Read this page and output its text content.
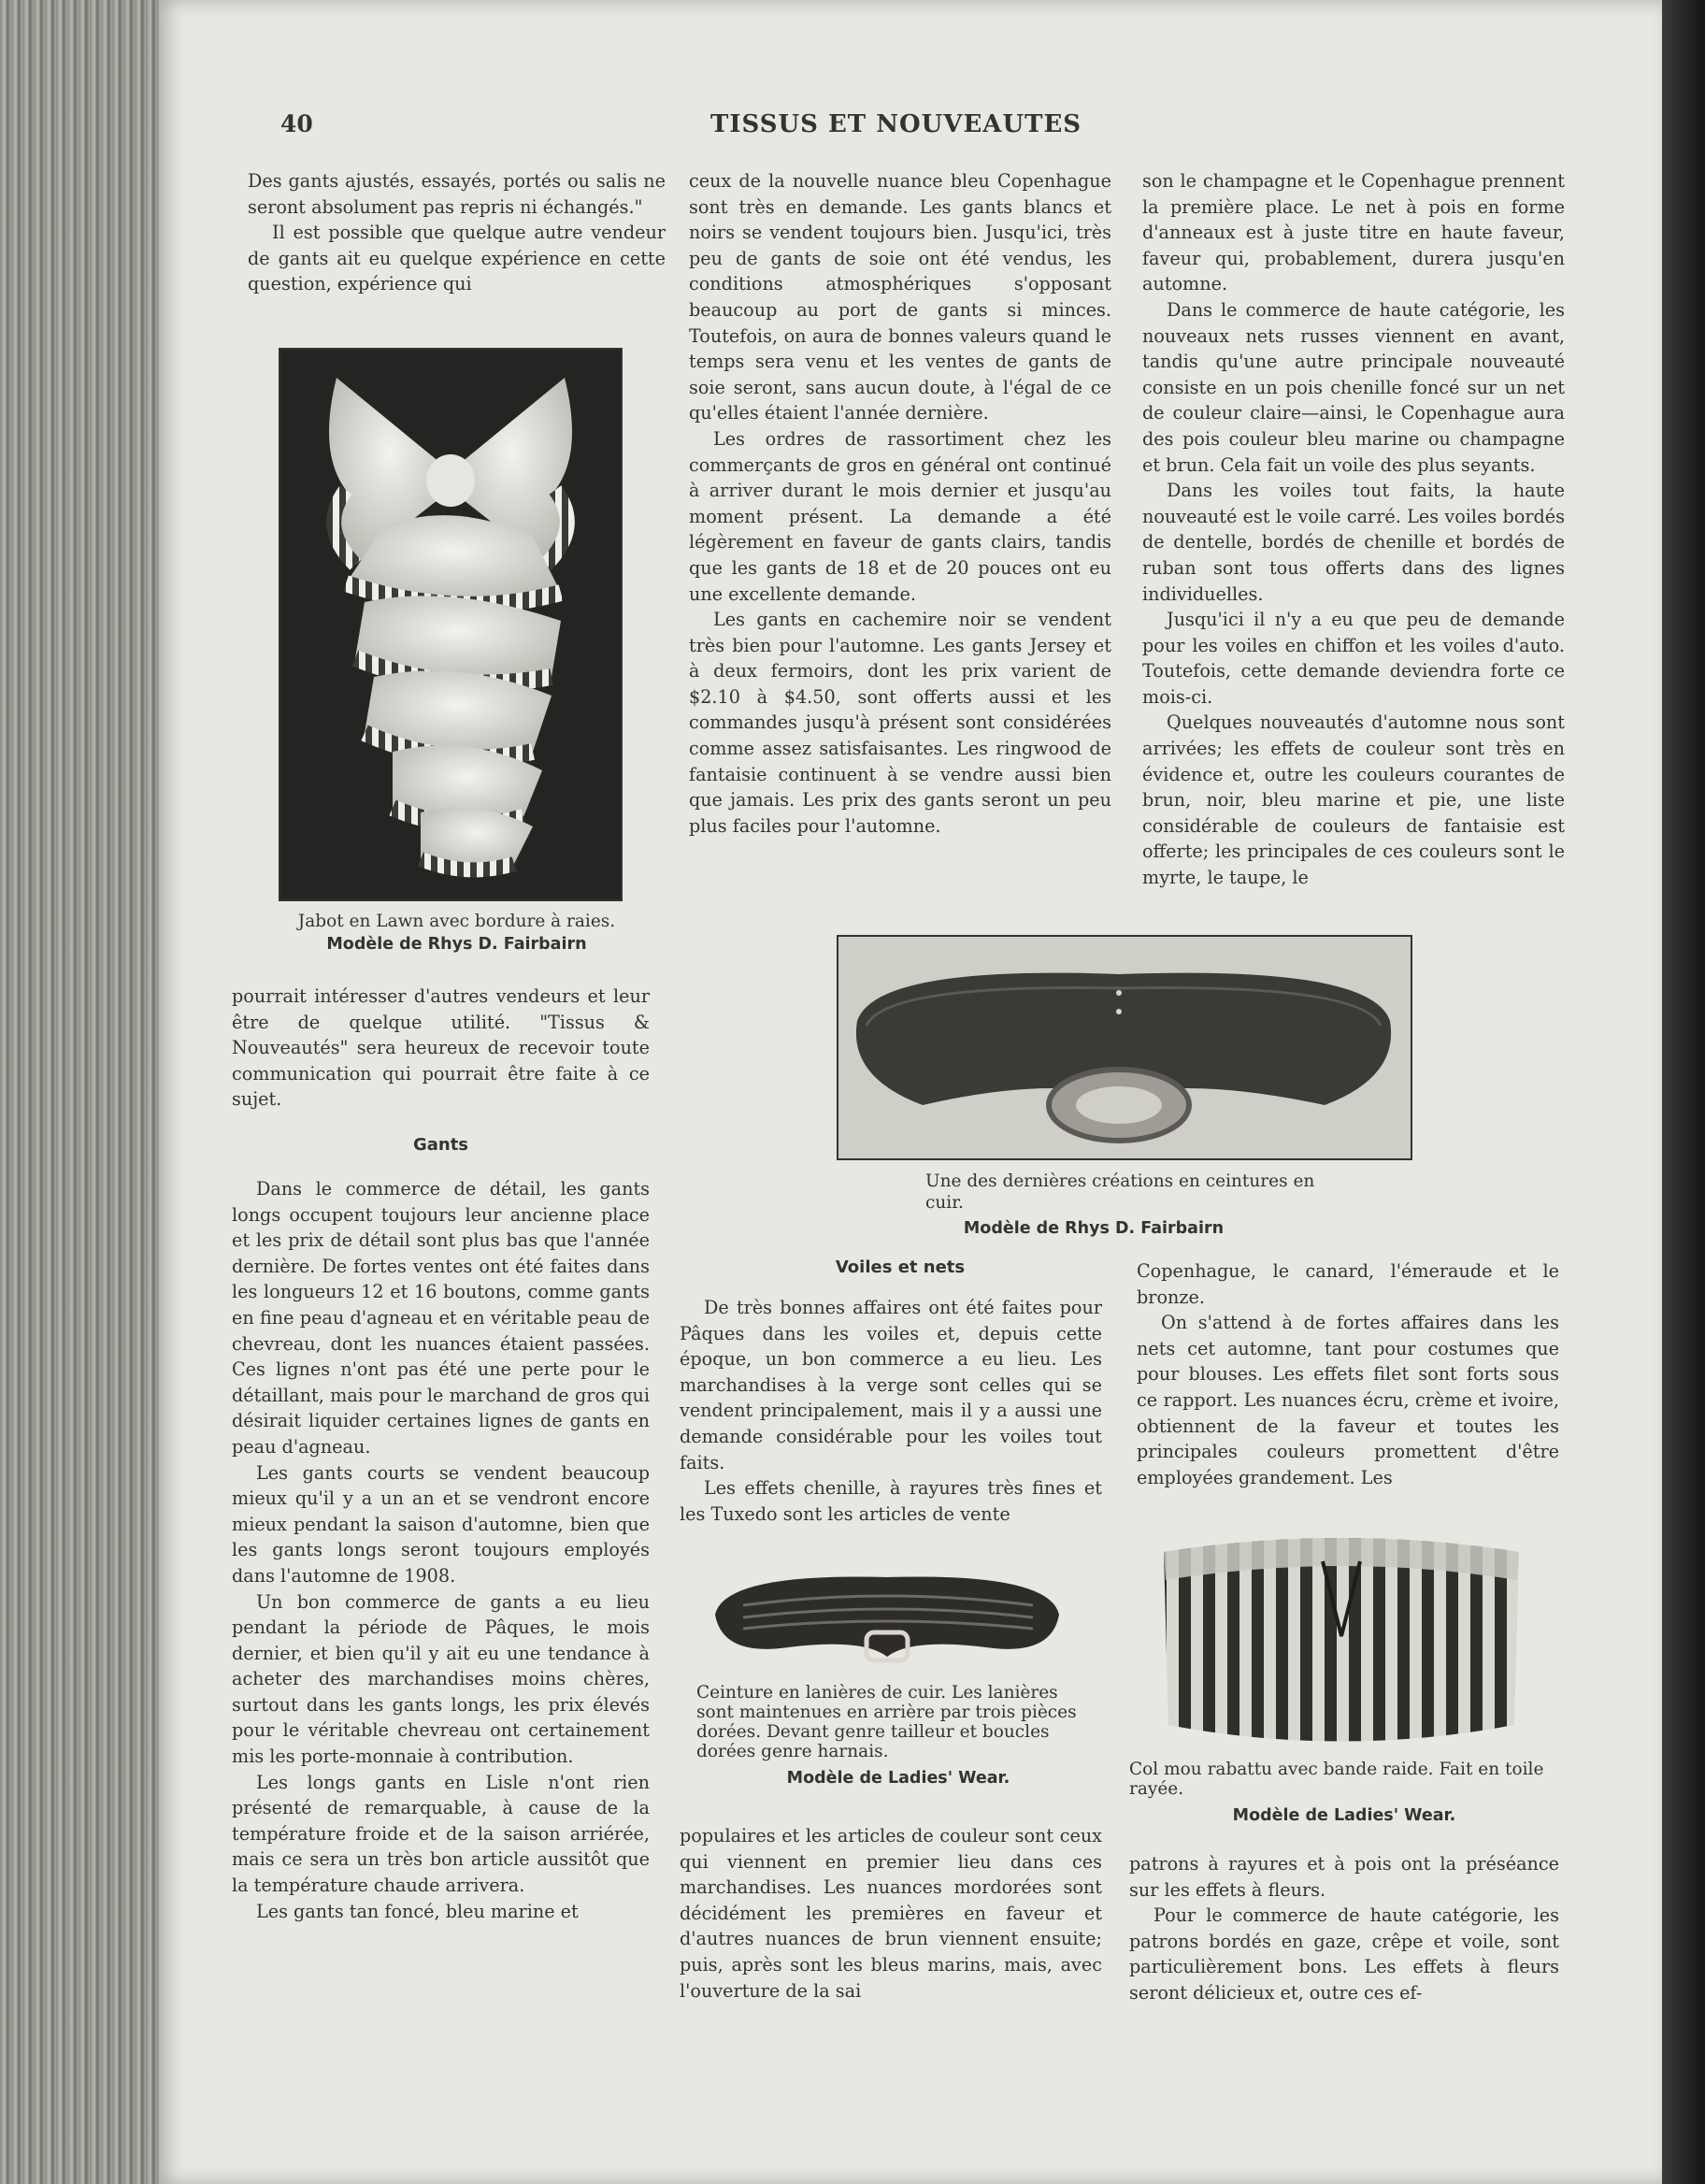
40	TISSUS ET NOUVEAUTES

Des gants ajustés, essayés, portés ou salis ne seront absolument pas repris ni échangés."

Il est possible que quelque autre vendeur de gants ait eu quelque expérience en cette question, expérience qui

Jabot en Lawn avec bordure à raies.
Modèle de Rhys D. Fairbairn

pourrait intéresser d'autres vendeurs et leur être de quelque utilité. "Tissus & Nouveautés" sera heureux de recevoir toute communication qui pourrait être faite à ce sujet.

Gants

Dans le commerce de détail, les gants longs occupent toujours leur ancienne place et les prix de détail sont plus bas que l'année dernière. De fortes ventes ont été faites dans les longueurs 12 et 16 boutons, comme gants en fine peau d'agneau et en véritable peau de chevreau, dont les nuances étaient passées. Ces lignes n'ont pas été une perte pour le détaillant, mais pour le marchand de gros qui désirait liquider certaines lignes de gants en peau d'agneau.

Les gants courts se vendent beaucoup mieux qu'il y a un an et se vendront encore mieux pendant la saison d'automne, bien que les gants longs seront toujours employés dans l'automne de 1908.

Un bon commerce de gants a eu lieu pendant la période de Pâques, le mois dernier, et bien qu'il y ait eu une tendance à acheter des marchandises moins chères, surtout dans les gants longs, les prix élevés pour le véritable chevreau ont certainement mis les porte-monnaie à contribution.

Les longs gants en Lisle n'ont rien présenté de remarquable, à cause de la température froide et de la saison arriérée, mais ce sera un très bon article aussitôt que la température chaude arrivera.

Les gants tan foncé, bleu marine et

ceux de la nouvelle nuance bleu Copenhague sont très en demande. Les gants blancs et noirs se vendent toujours bien. Jusqu'ici, très peu de gants de soie ont été vendus, les conditions atmosphériques s'opposant beaucoup au port de gants si minces. Toutefois, on aura de bonnes valeurs quand le temps sera venu et les ventes de gants de soie seront, sans aucun doute, à l'égal de ce qu'elles étaient l'année dernière.

Les ordres de rassortiment chez les commerçants de gros en général ont continué à arriver durant le mois dernier et jusqu'au moment présent. La demande a été légèrement en faveur de gants clairs, tandis que les gants de 18 et de 20 pouces ont eu une excellente demande.

Les gants en cachemire noir se vendent très bien pour l'automne. Les gants Jersey et à deux fermoirs, dont les prix varient de $2.10 à $4.50, sont offerts aussi et les commandes jusqu'à présent sont considérées comme assez satisfaisantes. Les ringwood de fantaisie continuent à se vendre aussi bien que jamais. Les prix des gants seront un peu plus faciles pour l'automne.

son le champagne et le Copenhague prennent la première place. Le net à pois en forme d'anneaux est à juste titre en haute faveur, faveur qui, probablement, durera jusqu'en automne.

Dans le commerce de haute catégorie, les nouveaux nets russes viennent en avant, tandis qu'une autre principale nouveauté consiste en un pois chenille foncé sur un net de couleur claire—ainsi, le Copenhague aura des pois couleur bleu marine ou champagne et brun. Cela fait un voile des plus seyants.

Dans les voiles tout faits, la haute nouveauté est le voile carré. Les voiles bordés de dentelle, bordés de chenille et bordés de ruban sont tous offerts dans des lignes individuelles.

Jusqu'ici il n'y a eu que peu de demande pour les voiles en chiffon et les voiles d'auto. Toutefois, cette demande deviendra forte ce mois-ci.

Quelques nouveautés d'automne nous sont arrivées; les effets de couleur sont très en évidence et, outre les couleurs courantes de brun, noir, bleu marine et pie, une liste considérable de couleurs de fantaisie est offerte; les principales de ces couleurs sont le myrte, le taupe, le

Une des dernières créations en ceintures en cuir.
Modèle de Rhys D. Fairbairn
Voiles et nets

De très bonnes affaires ont été faites pour Pâques dans les voiles et, depuis cette époque, un bon commerce a eu lieu. Les marchandises à la verge sont celles qui se vendent principalement, mais il y a aussi une demande considérable pour les voiles tout faits.

Les effets chenille, à rayures très fines et les Tuxedo sont les articles de vente

Ceinture en lanières de cuir. Les lanières sont maintenues en arrière par trois pièces dorées. Devant genre tailleur et boucles dorées genre harnais.
Modèle de Ladies' Wear.

populaires et les articles de couleur sont ceux qui viennent en premier lieu dans ces marchandises. Les nuances mordorées sont décidément les premières en faveur et d'autres nuances de brun viennent ensuite; puis, après sont les bleus marins, mais, avec l'ouverture de la sai

Copenhague, le canard, l'émeraude et le bronze.

On s'attend à de fortes affaires dans les nets cet automne, tant pour costumes que pour blouses. Les effets filet sont forts sous ce rapport. Les nuances écru, crème et ivoire, obtiennent de la faveur et toutes les principales couleurs promettent d'être employées grandement. Les

Col mou rabattu avec bande raide. Fait en toile rayée.
Modèle de Ladies' Wear.

patrons à rayures et à pois ont la préséance sur les effets à fleurs.

Pour le commerce de haute catégorie, les patrons bordés en gaze, crêpe et voile, sont particulièrement bons. Les effets à fleurs seront délicieux et, outre ces ef-
